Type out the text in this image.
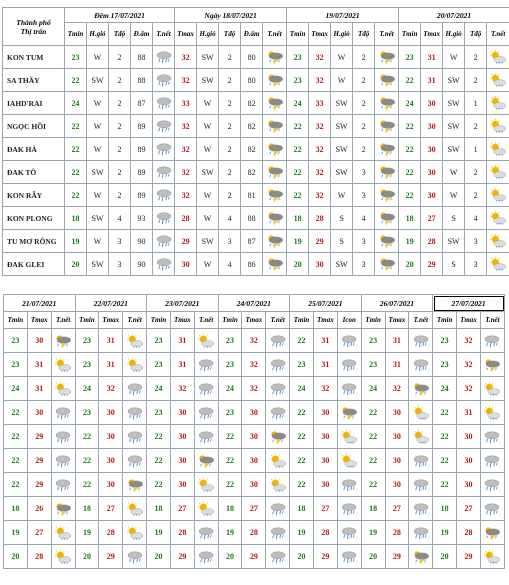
Thành phố
Thị trấn	Đêm 17/07/2021					Ngày 18/07/2021					19/07/2021					20/07/2021				
	Tmin	H.gió	Tđộ	Đ.ẩm	T.nết	Tmax	H.gió	Tđộ	Đ.ẩm	T.nết	Tmin	Tmax	H.gió	Tđộ	T.nết	Tmin	Tmax	H.gió	Tđộ	T.nết
KON TUM	23	W	2	88		32	SW	2	80		23	32	W	2		23	31	W	2	

SA THẦY	22	SW	2	88		32	SW	2	80		23	32	W	2		22	31	SW	2	

IAHD'RAI	24	W	2	87		33	W	2	82		24	33	SW	2		24	30	SW	1	

NGỌC HỒI	22	W	2	89		32	W	2	82		22	32	SW	2		22	30	SW	2	

ĐAK HÀ	22	W	2	89		32	W	2	82		22	32	SW	2		22	30	SW	1	

ĐAK TÔ	22	SW	2	89		32	SW	2	82		22	32	SW	3		22	30	W	2	

KON RẪY	22	W	2	89		32	W	2	81		22	32	W	3		22	30	W	2	

KON PLONG	18	SW	4	93		28	W	4	88		18	28	S	4		18	27	S	4	

TU MƠ RÔNG	19	W	3	90		29	SW	3	87		19	29	S	3		19	28	SW	3	

ĐAK GLEI	20	SW	3	90		30	W	4	86		20	30	SW	3		20	29	S	3	
21/07/2021			22/07/2021			23/07/2021			24/07/2021			25/07/2021			26/07/2021			27/07/2021		
Tmin	Tmax	T.nết	Tmin	Tmax	T.nết	Tmin	Tmax	T.nết	Tmin	Tmax	T.nết	Tmin	Tmax	Icon	Tmin	Tmax	T.nết	Tmin	Tmax	T.nết
23	30		23	31		23	31		23	32		22	31		23	31		23	32	

23	31		23	31		23	31		23	32		23	31		23	31		23	32	

24	31		24	32		24	32		24	32		24	32		24	32		24	32	

22	30		23	30		23	30		23	30		22	30		22	30		22	31	

22	29		22	30		22	30		22	30		22	30		22	30		22	30	

22	29		22	30		22	30		22	30		22	30		22	30		22	30	

22	29		22	30		22	30		22	30		22	30		22	30		22	30	

18	26		18	27		18	27		18	27		18	27		18	27		18	27	

19	27		19	28		19	28		19	28		19	28		19	28		19	28	

20	28		20	29		20	29		20	29		20	29		20	29		20	29	
